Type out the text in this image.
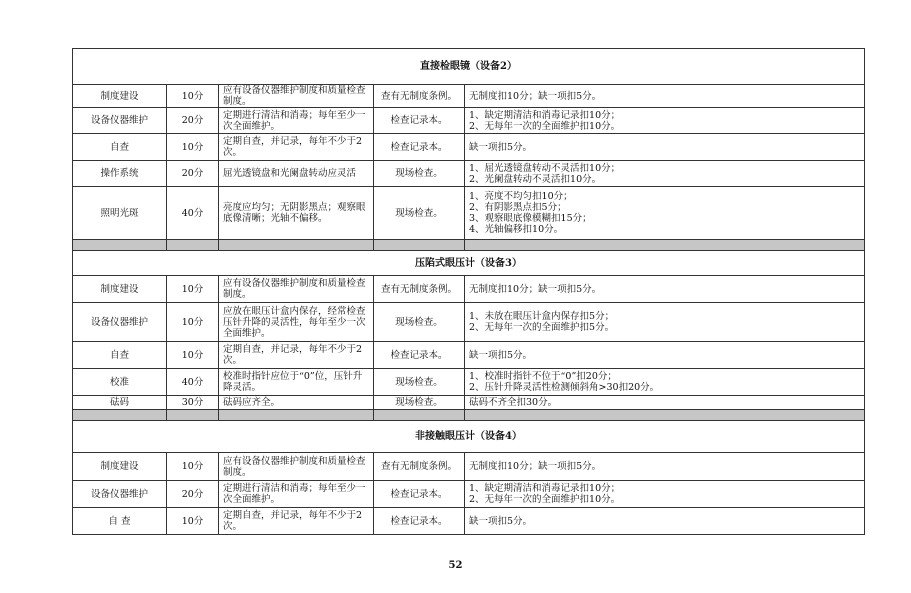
直接检眼镜（设备2）				
制度建设	10分	应有设备仪器维护制度和质量检查制度。	查有无制度条例。	无制度扣10分；缺一项扣5分。

设备仪器维护	20分	定期进行清洁和消毒；每年至少一次全面维护。	检查记录本。	1、缺定期清洁和消毒记录扣10分；
2、无每年一次的全面维护扣10分。

自查	10分	定期自查，并记录，每年不少于2次。	检查记录本。	缺一项扣5分。

操作系统	20分	屈光透镜盘和光阑盘转动应灵活	现场检查。	1、屈光透镜盘转动不灵活扣10分；
2、光阑盘转动不灵活扣10分。

照明光斑	40分	亮度应均匀；无阴影黑点；观察眼底像清晰；光轴不偏移。	现场检查。	1、亮度不均匀扣10分；
2、有阴影黑点扣5分；
3、观察眼底像模糊扣15分；
4、光轴偏移扣10分。

压陷式眼压计（设备3）				
制度建设	10分	应有设备仪器维护制度和质量检查制度。	查有无制度条例。	无制度扣10分；缺一项扣5分。

设备仪器维护	10分	应放在眼压计盒内保存，经常检查压针升降的灵活性，每年至少一次全面维护。	现场检查。	1、未放在眼压计盒内保存扣5分；
2、无每年一次的全面维护扣5分。

自查	10分	定期自查，并记录，每年不少于2次。	检查记录本。	缺一项扣5分。

校准	40分	校准时指针应位于“0”位，压针升降灵活。	现场检查。	1、校准时指针不位于“0”扣20分；
2、压针升降灵活性检测倾斜角>30扣20分。

砝码	30分	砝码应齐全。	现场检查。	砝码不齐全扣30分。

非接触眼压计（设备4）				
制度建设	10分	应有设备仪器维护制度和质量检查制度。	查有无制度条例。	无制度扣10分；缺一项扣5分。

设备仪器维护	20分	定期进行清洁和消毒；每年至少一次全面维护。	检查记录本。	1、缺定期清洁和消毒记录扣10分；
2、无每年一次的全面维护扣10分。

自 查	10分	定期自查，并记录，每年不少于2次。	检查记录本。	缺一项扣5分。
52
